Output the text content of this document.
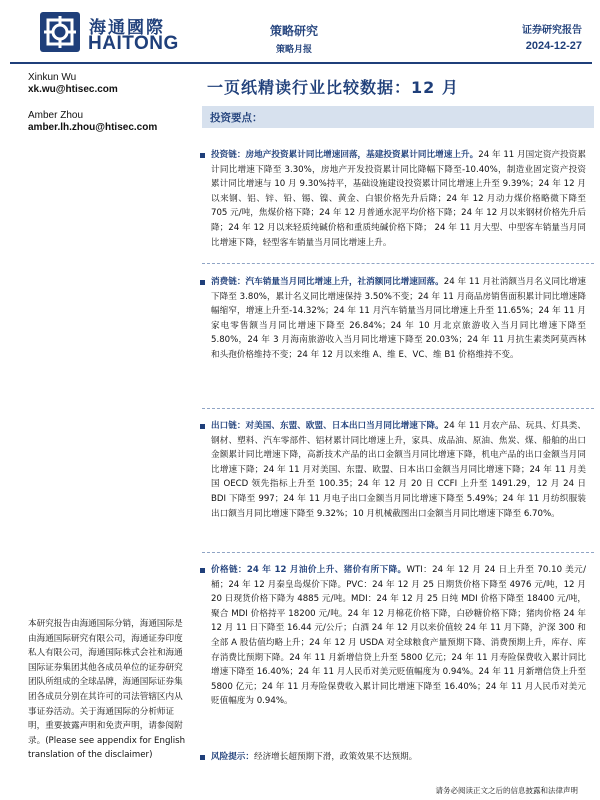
海通國際
HAITONG
策略研究
策略月报
证券研究报告
2024-12-27
Xinkun Wu
xk.wu@htisec.com
Amber Zhou
amber.lh.zhou@htisec.com
本研究报告由海通国际分销，海通国际是由海通国际研究有限公司，海通证券印度私人有限公司，海通国际株式会社和海通国际证券集团其他各成员单位的证券研究团队所组成的全球品牌，海通国际证券集团各成员分别在其许可的司法管辖区内从事证券活动。关于海通国际的分析师证明，重要披露声明和免责声明，请参阅附录。(Please see appendix for English translation of the disclaimer)
一页纸精读行业比较数据：12 月
投资要点：
投资链：房地产投资累计同比增速回落，基建投资累计同比增速上升。24 年 11 月国定资产投资累计同比增速下降至 3.30%，房地产开发投资累计同比降幅下降至-10.40%，制造业固定资产投资累计同比增速与 10 月 9.30%持平，基础设施建设投资累计同比增速上升至 9.39%；24 年 12 月以来钢、铝、锌、铅、锡、镍、黄金、白银价格先升后降；24 年 12 月动力煤价格略微下降至 705 元/吨，焦煤价格下降；24 年 12 月普通水泥平均价格下降；24 年 12 月以来钢材价格先升后降；24 年 12 月以来轻质纯碱价格和重质纯碱价格下降； 24 年 11 月大型、中型客车销量当月同比增速下降，轻型客车销量当月同比增速上升。
消费链：汽车销量当月同比增速上升，社消额同比增速回落。24 年 11 月社消额当月名义同比增速下降至 3.80%，累计名义同比增速保持 3.50%不变；24 年 11 月商品房销售面积累计同比增速降幅缩窄，增速上升至-14.32%；24 年 11 月汽车销量当月同比增速上升至 11.65%；24 年 11 月家电零售额当月同比增速下降至 26.84%；24 年 10 月北京旅游收入当月同比增速下降至 5.80%，24 年 3 月海南旅游收入当月同比增速下降至 20.03%；24 年 11 月抗生素类阿莫西林和头孢价格维持不变；24 年 12 月以来维 A、维 E、VC、维 B1 价格维持不变。
出口链：对美国、东盟、欧盟、日本出口当月同比增速下降。24 年 11 月农产品、玩具、灯具类、钢材、塑料、汽车零部件、铝材累计同比增速上升，家具、成品油、原油、焦炭、煤、船舶的出口金额累计同比增速下降，高新技术产品的出口金额当月同比增速下降，机电产品的出口金额当月同比增速下降；24 年 11 月对美国、东盟、欧盟、日本出口金额当月同比增速下降；24 年 11 月美国 OECD 领先指标上升至 100.35；24 年 12 月 20 日 CCFI 上升至 1491.29，12 月 24 日 BDI 下降至 997；24 年 11 月电子出口金额当月同比增速下降至 5.49%；24 年 11 月纺织服装出口额当月同比增速下降至 9.32%；10 月机械截图出口金额当月同比增速下降至 6.70%。
价格链：24 年 12 月油价上升、猪价有所下降。WTI：24 年 12 月 24 日上升至 70.10 美元/桶；24 年 12 月秦皇岛煤价下降。PVC：24 年 12 月 25 日期货价格下降至 4976 元/吨，12 月 20 日现货价格下降为 4885 元/吨。MDI：24 年 12 月 25 日纯 MDI 价格下降至 18400 元/吨，聚合 MDI 价格持平 18200 元/吨。24 年 12 月棉花价格下降，白砂糖价格下降；猪肉价格 24 年 12 月 11 日下降至 16.44 元/公斤；白酒 24 年 12 月以来价值较 24 年 11 月下降，沪深 300 和全部 A 股估值均略上升；24 年 12 月 USDA 对全球粮食产量预期下降、消费预期上升，库存、库存消费比预期下降。24 年 11 月新增信贷上升至 5800 亿元；24 年 11 月寿险保费收入累计同比增速下降至 16.40%；24 年 11 月人民币对美元贬值幅度为 0.94%。24 年 11 月新增信贷上升至 5800 亿元；24 年 11 月寿险保费收入累计同比增速下降至 16.40%；24 年 11 月人民币对美元贬值幅度为 0.94%。
风险提示：经济增长超预期下滑，政策效果不达预期。
请务必阅读正文之后的信息披露和法律声明
